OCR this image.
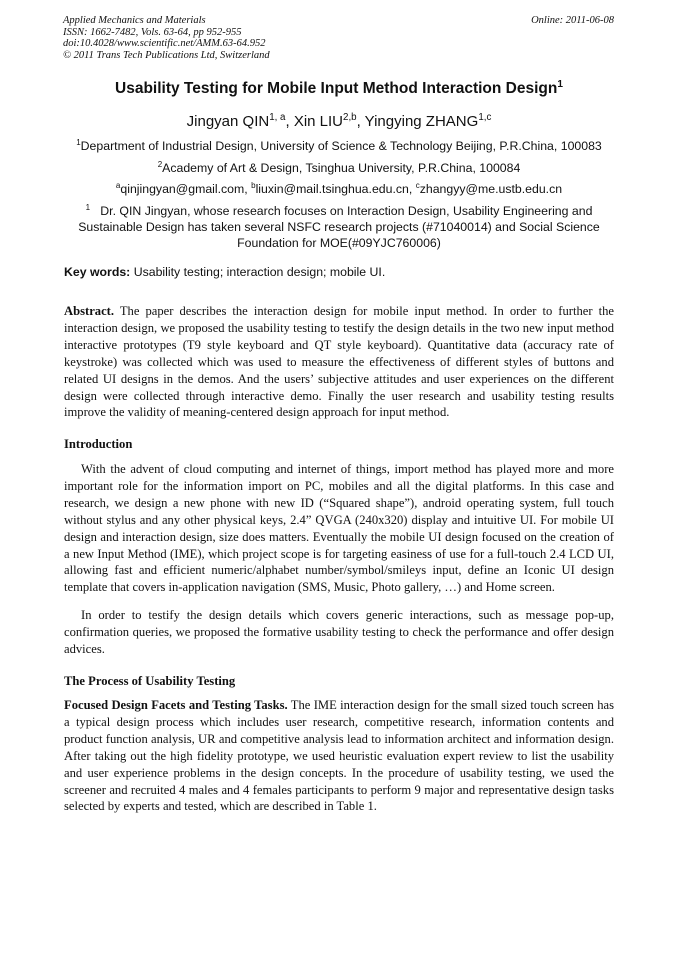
Applied Mechanics and Materials
ISSN: 1662-7482, Vols. 63-64, pp 952-955
doi:10.4028/www.scientific.net/AMM.63-64.952
© 2011 Trans Tech Publications Ltd, Switzerland
Online: 2011-06-08
Usability Testing for Mobile Input Method Interaction Design$^1$
Jingyan QIN$^{1, a}$, Xin LIU$^{2,b}$, Yingying ZHANG$^{1,c}$
$^1$Department of Industrial Design, University of Science & Technology Beijing, P.R.China, 100083
$^2$Academy of Art & Design, Tsinghua University, P.R.China, 100084
$^a$qinjingyan@gmail.com, $^b$liuxin@mail.tsinghua.edu.cn, $^c$zhangyy@me.ustb.edu.cn
$^1$ Dr. QIN Jingyan, whose research focuses on Interaction Design, Usability Engineering and Sustainable Design has taken several NSFC research projects (#71040014) and Social Science Foundation for MOE(#09YJC760006)
Key words: Usability testing; interaction design; mobile UI.
Abstract. The paper describes the interaction design for mobile input method. In order to further the interaction design, we proposed the usability testing to testify the design details in the two new input method interactive prototypes (T9 style keyboard and QT style keyboard). Quantitative data (accuracy rate of keystroke) was collected which was used to measure the effectiveness of different styles of buttons and related UI designs in the demos. And the users’ subjective attitudes and user experiences on the different design were collected through interactive demo. Finally the user research and usability testing results improve the validity of meaning-centered design approach for input method.
Introduction
With the advent of cloud computing and internet of things, import method has played more and more important role for the information import on PC, mobiles and all the digital platforms. In this case and research, we design a new phone with new ID (“Squared shape”), android operating system, full touch without stylus and any other physical keys, 2.4” QVGA (240x320) display and intuitive UI. For mobile UI design and interaction design, size does matters. Eventually the mobile UI design focused on the creation of a new Input Method (IME), which project scope is for targeting easiness of use for a full-touch 2.4 LCD UI, allowing fast and efficient numeric/alphabet number/symbol/smileys input, define an Iconic UI design template that covers in-application navigation (SMS, Music, Photo gallery, …) and Home screen.
In order to testify the design details which covers generic interactions, such as message pop-up, confirmation queries, we proposed the formative usability testing to check the performance and offer design advices.
The Process of Usability Testing
Focused Design Facets and Testing Tasks. The IME interaction design for the small sized touch screen has a typical design process which includes user research, competitive research, information contents and product function analysis, UR and competitive analysis lead to information architect and information design. After taking out the high fidelity prototype, we used heuristic evaluation expert review to list the usability and user experience problems in the design concepts. In the procedure of usability testing, we used the screener and recruited 4 males and 4 females participants to perform 9 major and representative design tasks selected by experts and tested, which are described in Table 1.
